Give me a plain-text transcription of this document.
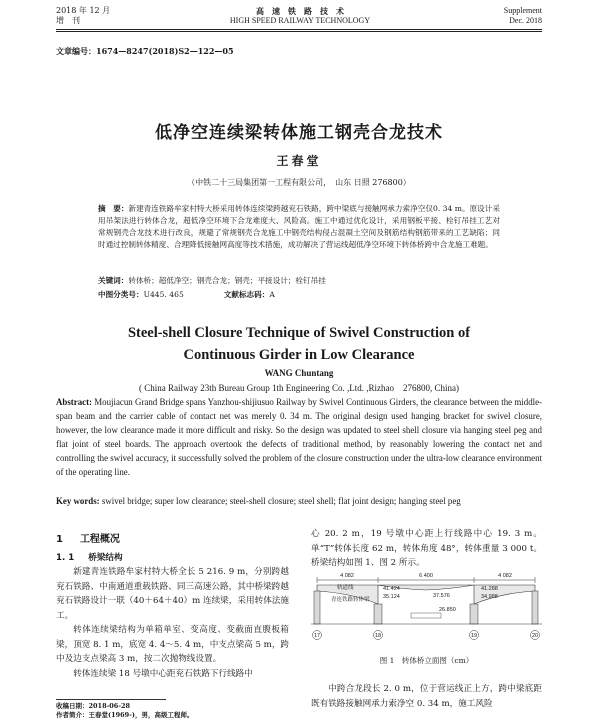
2018 年 12 月
增　刊
高　速　铁　路　技　术
HIGH SPEED RAILWAY TECHNOLOGY
Supplement
Dec. 2018
文章编号：1674—8247(2018)S2—122—05
低净空连续梁转体施工钢壳合龙技术
王春堂
（中铁二十三局集团第一工程有限公司，　山东 日照 276800）
摘　要：新建青连铁路牟家村特大桥采用转体连续梁跨越兖石铁路，跨中梁底与接触网承力索净空仅0. 34 m。原设计采用吊架法进行转体合龙，超低净空环境下合龙难度大、风险高。施工中通过优化设计，采用钢板平接、栓钉吊挂工艺对常规钢壳合龙技术进行改良，规避了常规钢壳合龙施工中钢壳结构侵占混凝土空间及钢筋结构钢筋带来的工艺缺陷；同时通过控制转体精度、合理降低接触网高度等技术措施，成功解决了营运线超低净空环境下转体桥跨中合龙施工难题。
关键词：转体桥；超低净空；钢壳合龙；钢壳；平接设计；栓钉吊挂
中图分类号：U445. 465	文献标志码：A
Steel-shell Closure Technique of Swivel Construction of
Continuous Girder in Low Clearance
WANG Chuntang
( China Railway 23th Bureau Group 1th Engineering Co. ,Ltd. ,Rizhao　276800, China)
Abstract: Moujiacun Grand Bridge spans Yanzhou-shijiusuo Railway by Swivel Continuous Girders, the clearance between the middle-span beam and the carrier cable of contact net was merely 0. 34 m. The original design used hanging bracket for swivel closure, however, the low clearance made it more difficult and risky. So the design was updated to steel shell closure via hanging steel peg and flat joint of steel boards. The approach overtook the defects of traditional method, by reasonably lowering the contact net and controlling the swivel accuracy, it successfully solved the problem of the closure construction under the ultra-low clearance environment of the operating line.
Key words: swivel bridge; super low clearance; steel-shell closure; steel shell; flat joint design; hanging steel peg
1 工程概况
1. 1 桥梁结构

新建青连铁路牟家村特大桥全长 5 216. 9 m，分别跨越兖石铁路、中南通道重载铁路、同三高速公路，其中桥梁跨越兖石铁路设计一联（40＋64＋40）m 连续梁，采用转体法施工。

转体连续梁结构为单箱单室、变高度、变截面直腹板箱梁，顶宽 8. 1 m，底宽 4. 4～5. 4 m，中支点梁高 5 m，跨中及边支点梁高 3 m，按二次抛物线设置。

转体连续梁 18 号墩中心距兖石铁路下行线路中

收稿日期：2018-06-28
作者简介：王春堂(1969-)，男，高级工程师。

心 20. 2 m，19 号墩中心距上行线路中心 19. 3 m。单“T”转体长度 62 m，转体角度 48°，转体重量 3 000 t。桥梁结构如图 1、图 2 所示。

4 082	6 400	4 082
轨道线
青连铁路转体梁
41.424
35.124	37.576
26.850
41.288
34.988
17	18	19	20
图 1　转体桥立面图（cm）

中跨合龙段长 2. 0 m，位于营运线正上方，跨中梁底距既有铁路接触网承力索净空 0. 34 m，施工风险
